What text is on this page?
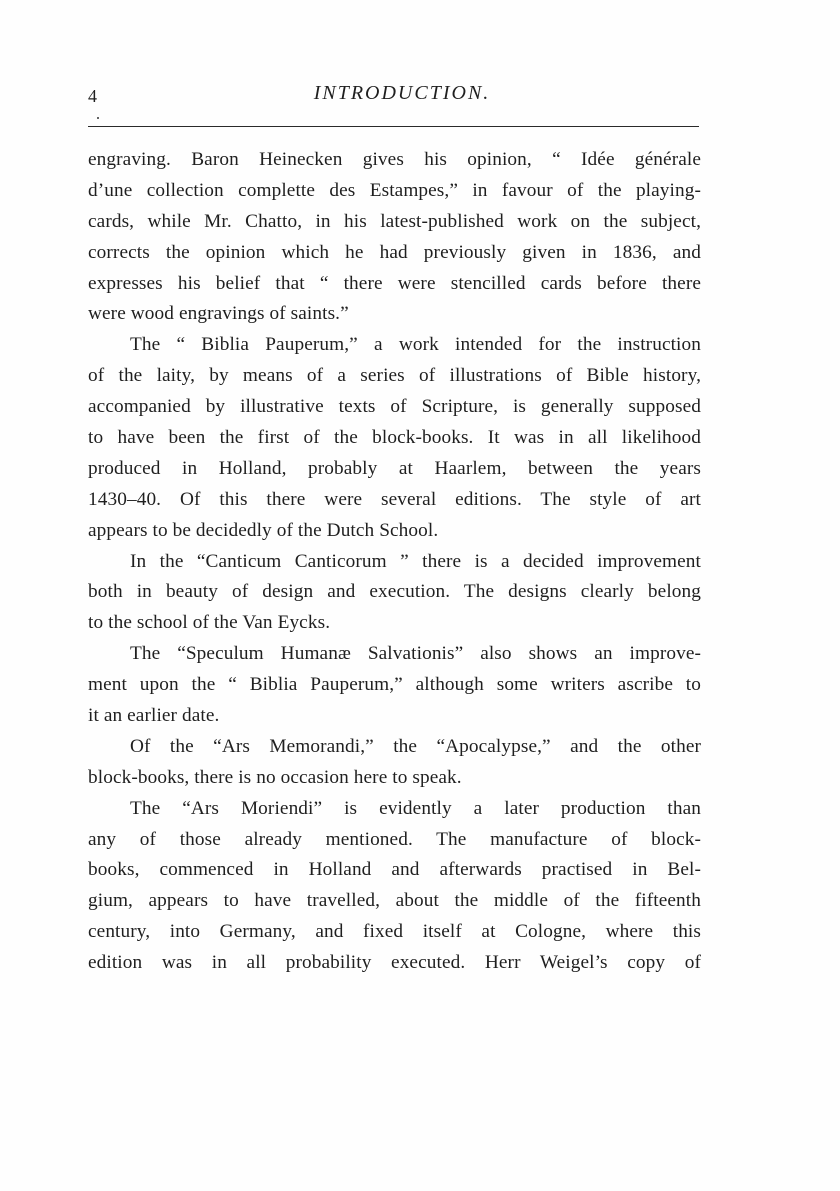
4	INTRODUCTION.
engraving. Baron Heinecken gives his opinion, “ Idée générale
d’une collection complette des Estampes,” in favour of the playing-
cards, while Mr. Chatto, in his latest-published work on the subject,
corrects the opinion which he had previously given in 1836, and
expresses his belief that “ there were stencilled cards before there
were wood engravings of saints.”
The “ Biblia Pauperum,” a work intended for the instruction
of the laity, by means of a series of illustrations of Bible history,
accompanied by illustrative texts of Scripture, is generally supposed
to have been the first of the block-books. It was in all likelihood
produced in Holland, probably at Haarlem, between the years
1430–40. Of this there were several editions. The style of art
appears to be decidedly of the Dutch School.
In the “Canticum Canticorum ” there is a decided improvement
both in beauty of design and execution. The designs clearly belong
to the school of the Van Eycks.
The “Speculum Humanæ Salvationis” also shows an improve-
ment upon the “ Biblia Pauperum,” although some writers ascribe to
it an earlier date.
Of the “Ars Memorandi,” the “Apocalypse,” and the other
block-books, there is no occasion here to speak.
The “Ars Moriendi” is evidently a later production than
any of those already mentioned. The manufacture of block-
books, commenced in Holland and afterwards practised in Bel-
gium, appears to have travelled, about the middle of the fifteenth
century, into Germany, and fixed itself at Cologne, where this
edition was in all probability executed. Herr Weigel’s copy of
